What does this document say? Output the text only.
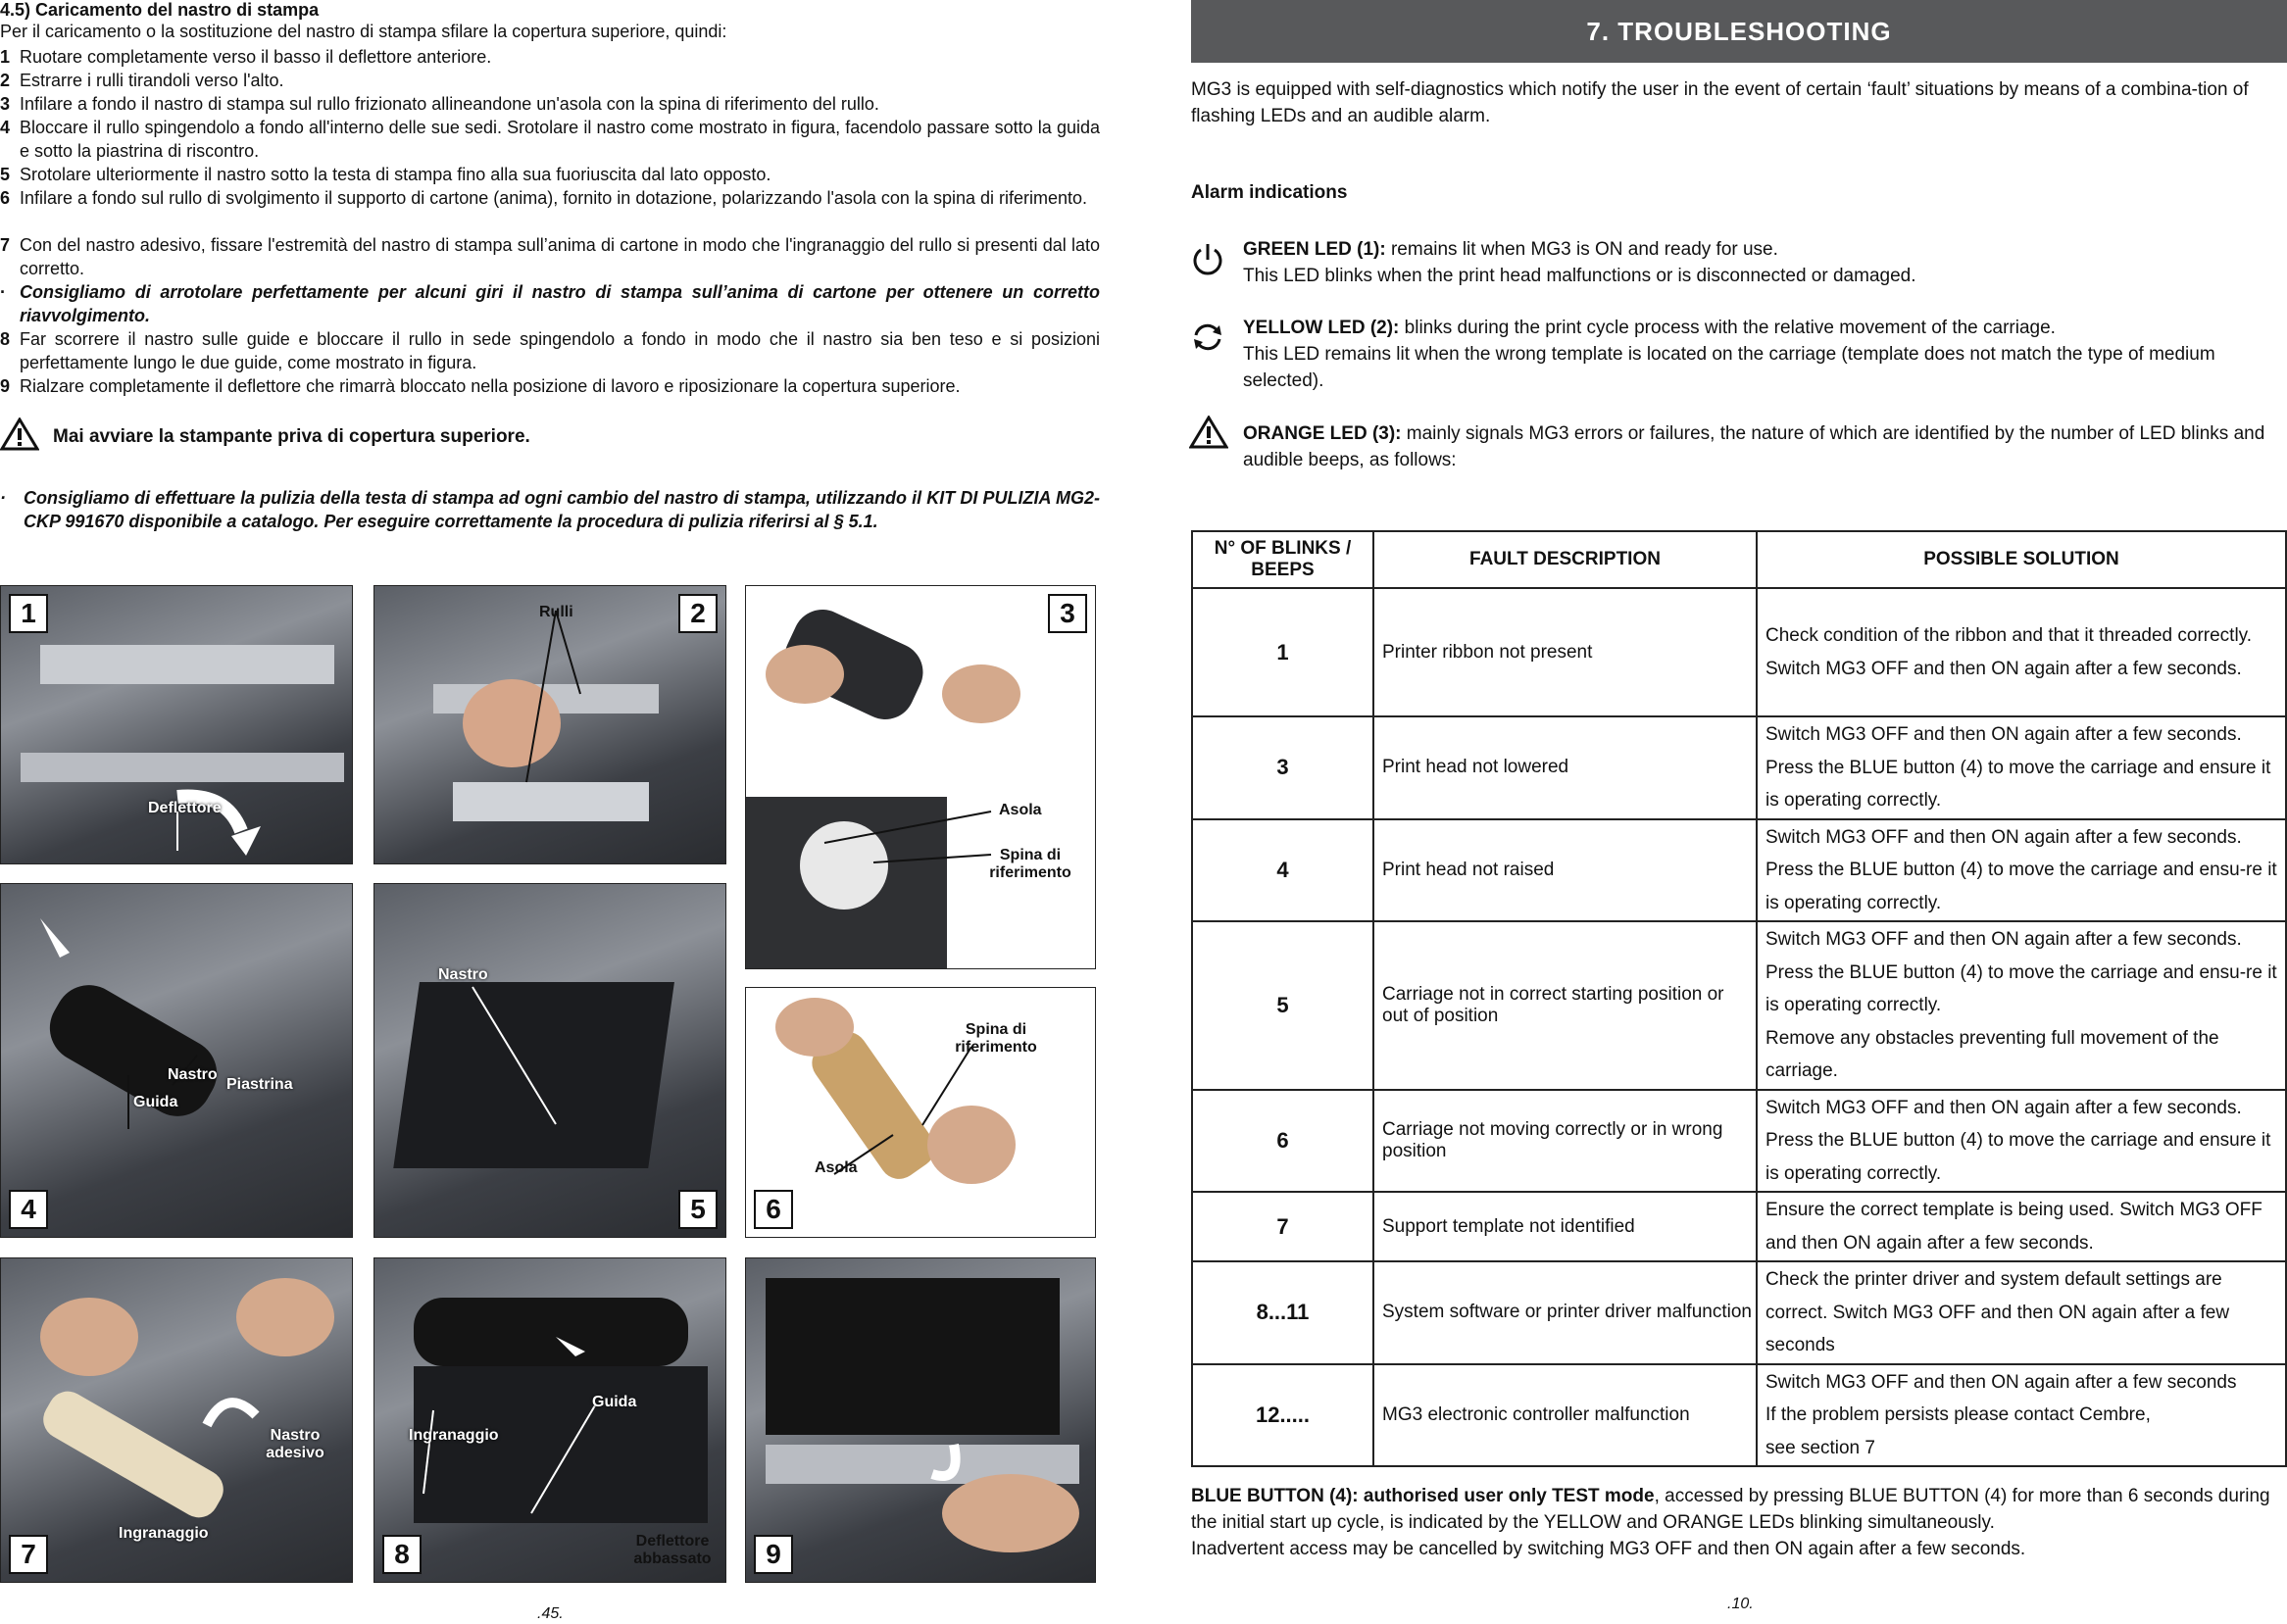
4.5) Caricamento del nastro di stampa
Per il caricamento o la sostituzione del nastro di stampa sfilare la copertura superiore, quindi:
1 Ruotare completamente verso il basso il deflettore anteriore.
2 Estrarre i rulli tirandoli verso l'alto.
3 Infilare a fondo il nastro di stampa sul rullo frizionato allineandone un'asola con la spina di riferimento del rullo.
4 Bloccare il rullo spingendolo a fondo all'interno delle sue sedi. Srotolare il nastro come mostrato in figura, facendolo passare sotto la guida e sotto la piastrina di riscontro.
5 Srotolare ulteriormente il nastro sotto la testa di stampa fino alla sua fuoriuscita dal lato opposto.
6 Infilare a fondo sul rullo di svolgimento il supporto di cartone (anima), fornito in dotazione, polarizzando l'asola con la spina di riferimento.
7 Con del nastro adesivo, fissare l'estremità del nastro di stampa sull’anima di cartone in modo che l'ingranaggio del rullo si presenti dal lato corretto.
· Consigliamo di arrotolare perfettamente per alcuni giri il nastro di stampa sull’anima di cartone per ottenere un corretto riavvolgimento.
8 Far scorrere il nastro sulle guide e bloccare il rullo in sede spingendolo a fondo in modo che il nastro sia ben teso e si posizioni perfettamente lungo le due guide, come mostrato in figura.
9 Rialzare completamente il deflettore che rimarrà bloccato nella posizione di lavoro e riposizionare la copertura superiore.
Mai avviare la stampante priva di copertura superiore.
·	Consigliamo di effettuare la pulizia della testa di stampa ad ogni cambio del nastro di stampa, utilizzando il KIT DI PULIZIA MG2-CKP 991670 disponibile a catalogo. Per eseguire correttamente la procedura di pulizia riferirsi al § 5.1.
1
Deflettore
2
Rulli	3
Asola
Spina di riferimento
4
Nastro
Piastrina
Guida
5
Nastro
6
Spina di riferimento
Asola
7
Nastro adesivo
Ingranaggio
8
Guida
Ingranaggio
Deflettore abbassato	9
.45.
7. TROUBLESHOOTING
MG3 is equipped with self-diagnostics which notify the user in the event of certain ‘fault’ situations by means of a combina-tion of flashing LEDs and an audible alarm.
Alarm indications
GREEN LED (1): remains lit when MG3 is ON and ready for use.
This LED blinks when the print head malfunctions or is disconnected or damaged.
YELLOW LED (2): blinks during the print cycle process with the relative movement of the carriage.
This LED remains lit when the wrong template is located on the carriage (template does not match the type of medium selected).
ORANGE LED (3): mainly signals MG3 errors or failures, the nature of which are identified by the number of LED blinks and audible beeps, as follows:
N° OF BLINKS / BEEPS	FAULT DESCRIPTION	POSSIBLE SOLUTION
1	Printer ribbon not present	Check condition of the ribbon and that it threaded correctly.
Switch MG3 OFF and then ON again after a few seconds.

3	Print head not lowered	Switch MG3 OFF and then ON again after a few seconds.
Press the BLUE button (4) to move the carriage and ensure it is operating correctly.

4	Print head not raised	Switch MG3 OFF and then ON again after a few seconds.
Press the BLUE button (4) to move the carriage and ensu-re it is operating correctly.

5	Carriage not in correct starting position or out of position	Switch MG3 OFF and then ON again after a few seconds.
Press the BLUE button (4) to move the carriage and ensu-re it is operating correctly.
Remove any obstacles preventing full movement of the carriage.

6	Carriage not moving correctly or in wrong position	Switch MG3 OFF and then ON again after a few seconds.
Press the BLUE button (4) to move the carriage and ensure it is operating correctly.

7	Support template not identified	Ensure the correct template is being used. Switch MG3 OFF and then ON again after a few seconds.

8...11	System software or printer driver malfunction	Check the printer driver and system default settings are correct. Switch MG3 OFF and then ON again after a few seconds

12.....	MG3 electronic controller malfunction	Switch MG3 OFF and then ON again after a few seconds
If the problem persists please contact Cembre,
see section 7
BLUE BUTTON (4): authorised user only TEST mode, accessed by pressing BLUE BUTTON (4) for more than 6 seconds during the initial start up cycle, is indicated by the YELLOW and ORANGE LEDs blinking simultaneously.
Inadvertent access may be cancelled by switching MG3 OFF and then ON again after a few seconds.
.10.
